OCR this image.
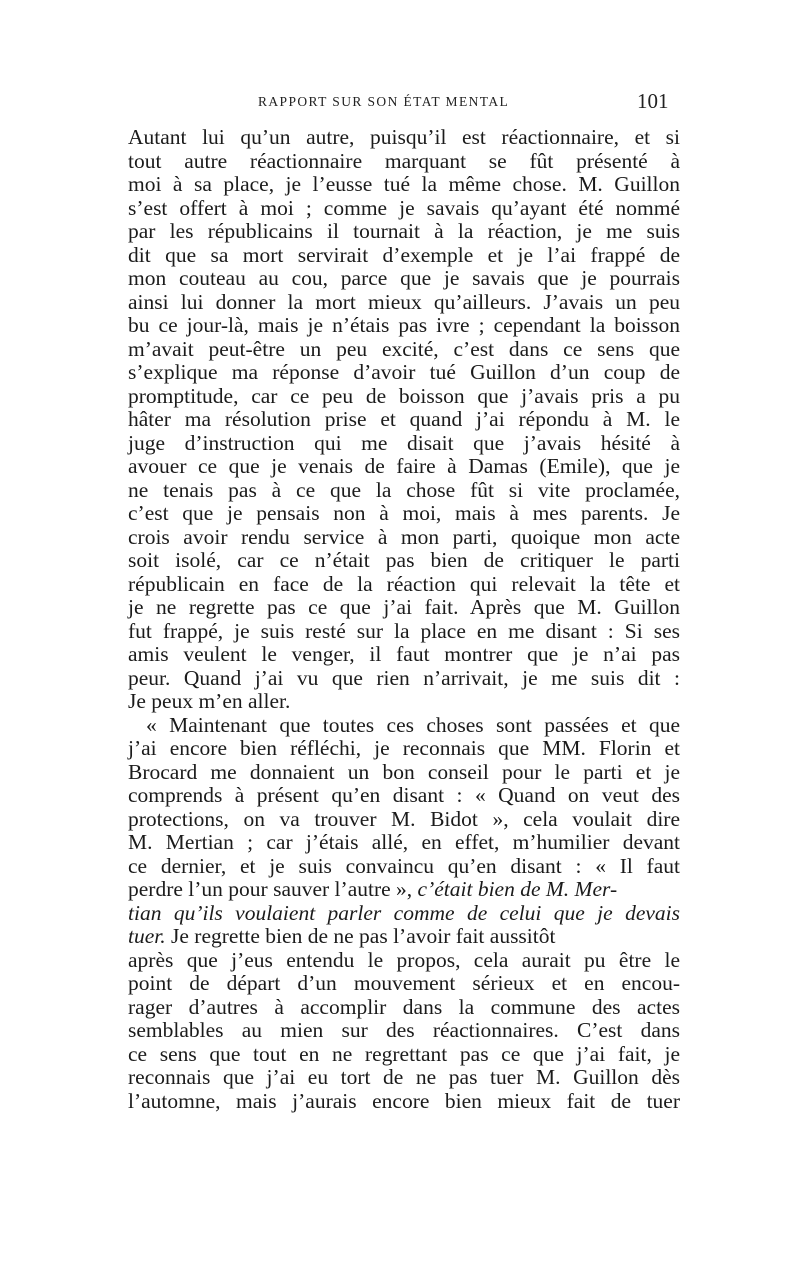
RAPPORT SUR SON ÉTAT MENTAL	101
Autant lui qu’un autre, puisqu’il est réactionnaire, et si
tout autre réactionnaire marquant se fût présenté à
moi à sa place, je l’eusse tué la même chose. M. Guillon
s’est offert à moi ; comme je savais qu’ayant été nommé
par les républicains il tournait à la réaction, je me suis
dit que sa mort servirait d’exemple et je l’ai frappé de
mon couteau au cou, parce que je savais que je pourrais
ainsi lui donner la mort mieux qu’ailleurs. J’avais un peu
bu ce jour-là, mais je n’étais pas ivre ; cependant la boisson
m’avait peut-être un peu excité, c’est dans ce sens que
s’explique ma réponse d’avoir tué Guillon d’un coup de
promptitude, car ce peu de boisson que j’avais pris a pu
hâter ma résolution prise et quand j’ai répondu à M. le
juge d’instruction qui me disait que j’avais hésité à
avouer ce que je venais de faire à Damas (Emile), que je
ne tenais pas à ce que la chose fût si vite proclamée,
c’est que je pensais non à moi, mais à mes parents. Je
crois avoir rendu service à mon parti, quoique mon acte
soit isolé, car ce n’était pas bien de critiquer le parti
républicain en face de la réaction qui relevait la tête et
je ne regrette pas ce que j’ai fait. Après que M. Guillon
fut frappé, je suis resté sur la place en me disant : Si ses
amis veulent le venger, il faut montrer que je n’ai pas
peur. Quand j’ai vu que rien n’arrivait, je me suis dit :
Je peux m’en aller.
« Maintenant que toutes ces choses sont passées et que
j’ai encore bien réfléchi, je reconnais que MM. Florin et
Brocard me donnaient un bon conseil pour le parti et je
comprends à présent qu’en disant : « Quand on veut des
protections, on va trouver M. Bidot », cela voulait dire
M. Mertian ; car j’étais allé, en effet, m’humilier devant
ce dernier, et je suis convaincu qu’en disant : « Il faut
perdre l’un pour sauver l’autre », c’était bien de M. Mer-
tian qu’ils voulaient parler comme de celui que je devais
tuer. Je regrette bien de ne pas l’avoir fait aussitôt
après que j’eus entendu le propos, cela aurait pu être le
point de départ d’un mouvement sérieux et en encou-
rager d’autres à accomplir dans la commune des actes
semblables au mien sur des réactionnaires. C’est dans
ce sens que tout en ne regrettant pas ce que j’ai fait, je
reconnais que j’ai eu tort de ne pas tuer M. Guillon dès
l’automne, mais j’aurais encore bien mieux fait de tuer
